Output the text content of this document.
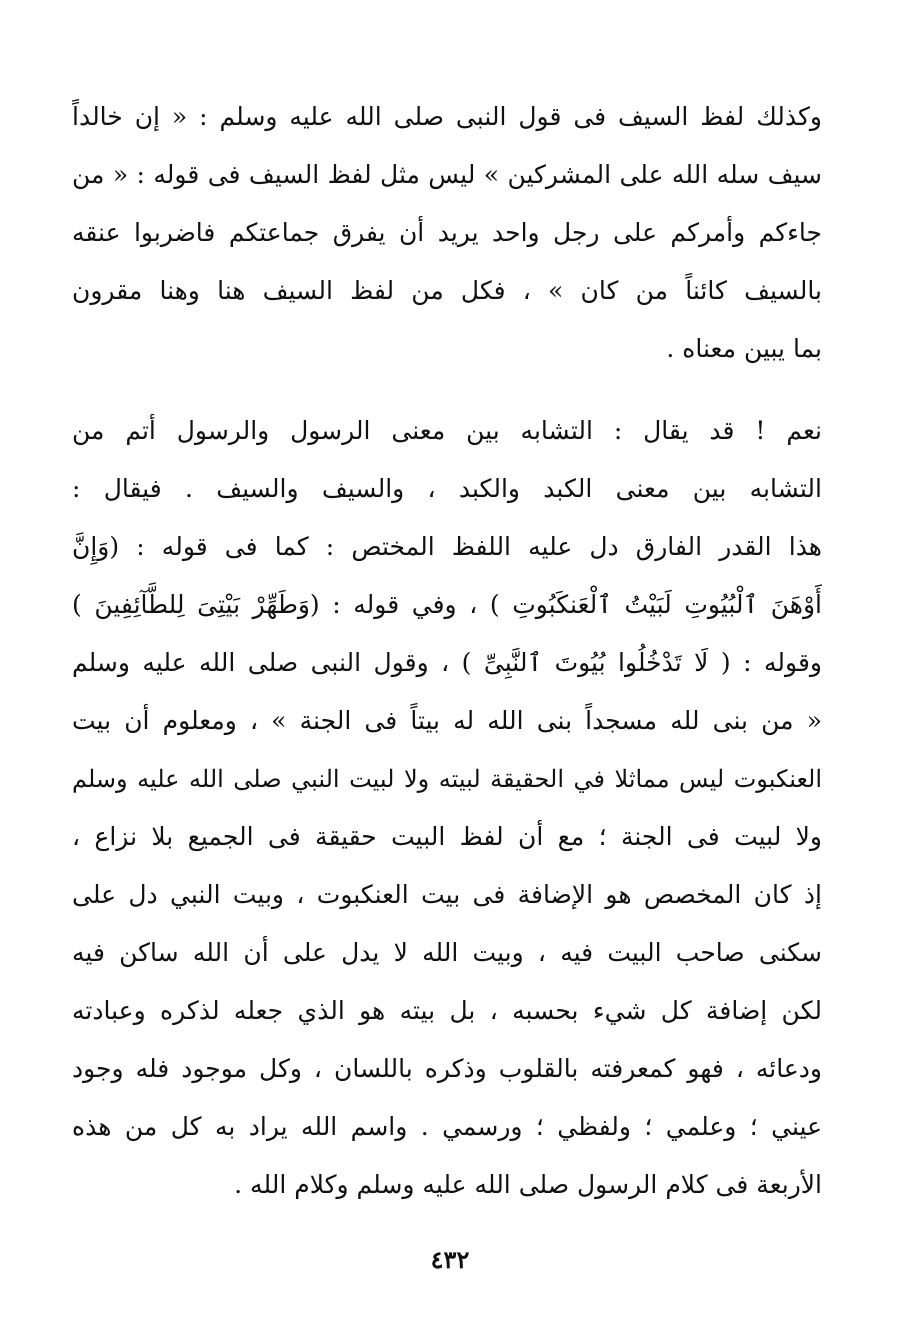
وكذلك لفظ السيف فى قول النبى صلى الله عليه وسلم : « إن خالداً
سيف سله الله على المشركين » ليس مثل لفظ السيف فى قوله : « من
جاءكم وأمركم على رجل واحد يريد أن يفرق جماعتكم فاضربوا عنقه
بالسيف كائناً من كان » ، فكل من لفظ السيف هنا وهنا مقرون
بما يبين معناه .
نعم ! قد يقال : التشابه بين معنى الرسول والرسول أتم من
التشابه بين معنى الكبد والكبد ، والسيف والسيف . فيقال :
هذا القدر الفارق دل عليه اللفظ المختص : كما فى قوله : (وَإِنَّ
أَوْهَنَ ٱلْبُيُوتِ لَبَيْتُ ٱلْعَنكَبُوتِ ) ، وفي قوله : (وَطَهِّرْ بَيْتِىَ لِلطَّآئِفِينَ )
وقوله : ( لَا تَدْخُلُوا بُيُوتَ ٱلنَّبِىِّ ) ، وقول النبى صلى الله عليه وسلم
« من بنى لله مسجداً بنى الله له بيتاً فى الجنة » ، ومعلوم أن بيت
العنكبوت ليس مماثلا في الحقيقة لبيته ولا لبيت النبي صلى الله عليه وسلم
ولا لبيت فى الجنة ؛ مع أن لفظ البيت حقيقة فى الجميع بلا نزاع ،
إذ كان المخصص هو الإضافة فى بيت العنكبوت ، وبيت النبي دل على
سكنى صاحب البيت فيه ، وبيت الله لا يدل على أن الله ساكن فيه
لكن إضافة كل شيء بحسبه ، بل بيته هو الذي جعله لذكره وعبادته
ودعائه ، فهو كمعرفته بالقلوب وذكره باللسان ، وكل موجود فله وجود
عيني ؛ وعلمي ؛ ولفظي ؛ ورسمي . واسم الله يراد به كل من هذه
الأربعة فى كلام الرسول صلى الله عليه وسلم وكلام الله .
٤٣٢
